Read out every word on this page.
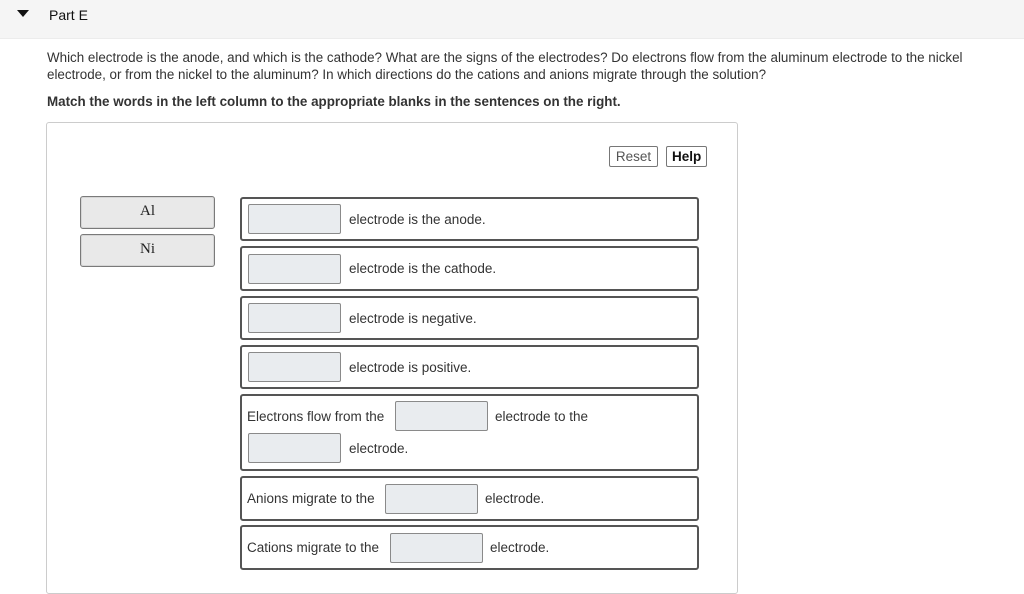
Part E
Which electrode is the anode, and which is the cathode? What are the signs of the electrodes? Do electrons flow from the aluminum electrode to the nickel electrode, or from the nickel to the aluminum? In which directions do the cations and anions migrate through the solution?
Match the words in the left column to the appropriate blanks in the sentences on the right.
Reset Help
Al
Ni
electrode is the anode.
electrode is the cathode.
electrode is negative.
electrode is positive.
Electrons flow from the	electrode to the
electrode.
Anions migrate to the	electrode.
Cations migrate to the	electrode.
